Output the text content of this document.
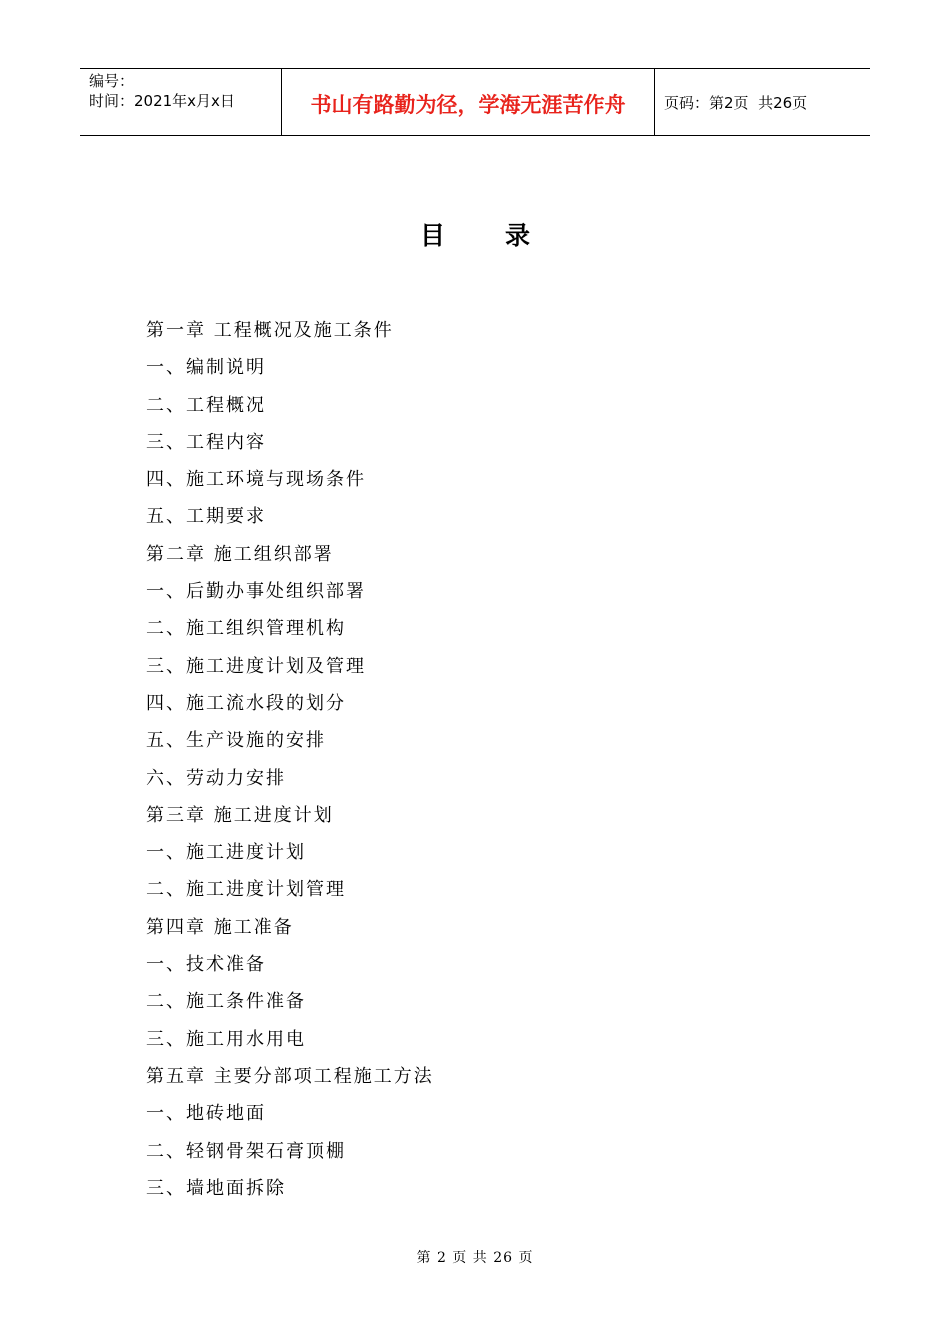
编号：
时间：2021年x月x日	书山有路勤为径，学海无涯苦作舟	页码：第2页  共26页
目 录
第一章 工程概况及施工条件
一、编制说明
二、工程概况
三、工程内容
四、施工环境与现场条件
五、工期要求
第二章 施工组织部署
一、后勤办事处组织部署
二、施工组织管理机构
三、施工进度计划及管理
四、施工流水段的划分
五、生产设施的安排
六、劳动力安排
第三章 施工进度计划
一、施工进度计划
二、施工进度计划管理
第四章 施工准备
一、技术准备
二、施工条件准备
三、施工用水用电
第五章 主要分部项工程施工方法
一、地砖地面
二、轻钢骨架石膏顶棚
三、墙地面拆除
第 2 页 共 26 页
